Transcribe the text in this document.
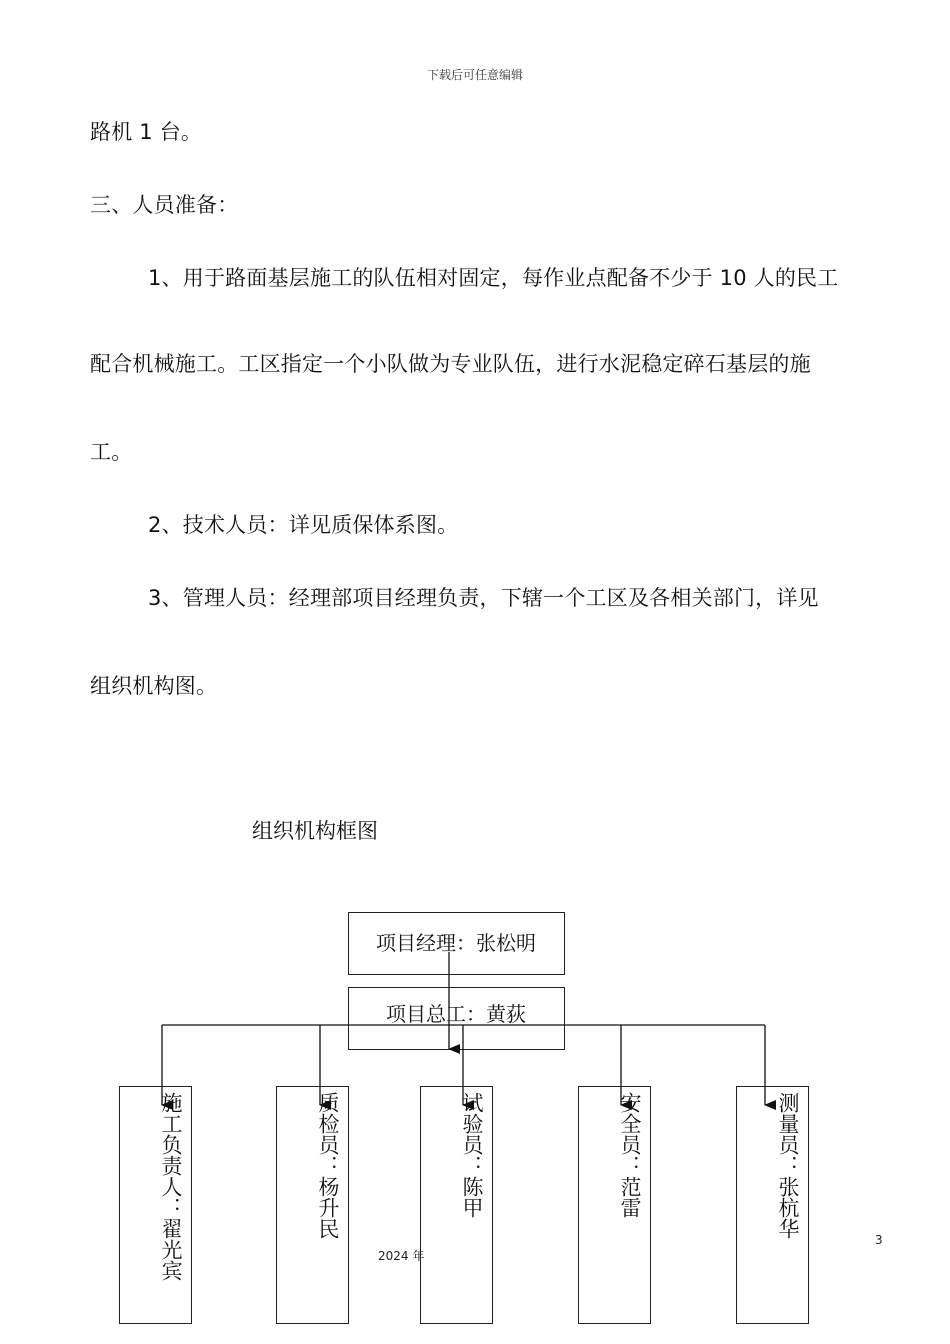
下载后可任意编辑
路机 1 台。
三、人员准备：
1、用于路面基层施工的队伍相对固定，每作业点配备不少于 10 人的民工
配合机械施工。工区指定一个小队做为专业队伍，进行水泥稳定碎石基层的施
工。
2、技术人员：详见质保体系图。
3、管理人员：经理部项目经理负责，下辖一个工区及各相关部门，详见
组织机构图。
组织机构框图
项目经理：张松明
项目总工：黄荻
施工负责人：翟光宾	质检员：杨升民	试验员：陈甲	安全员：范雷	测量员：张杭华
2024 年
3
